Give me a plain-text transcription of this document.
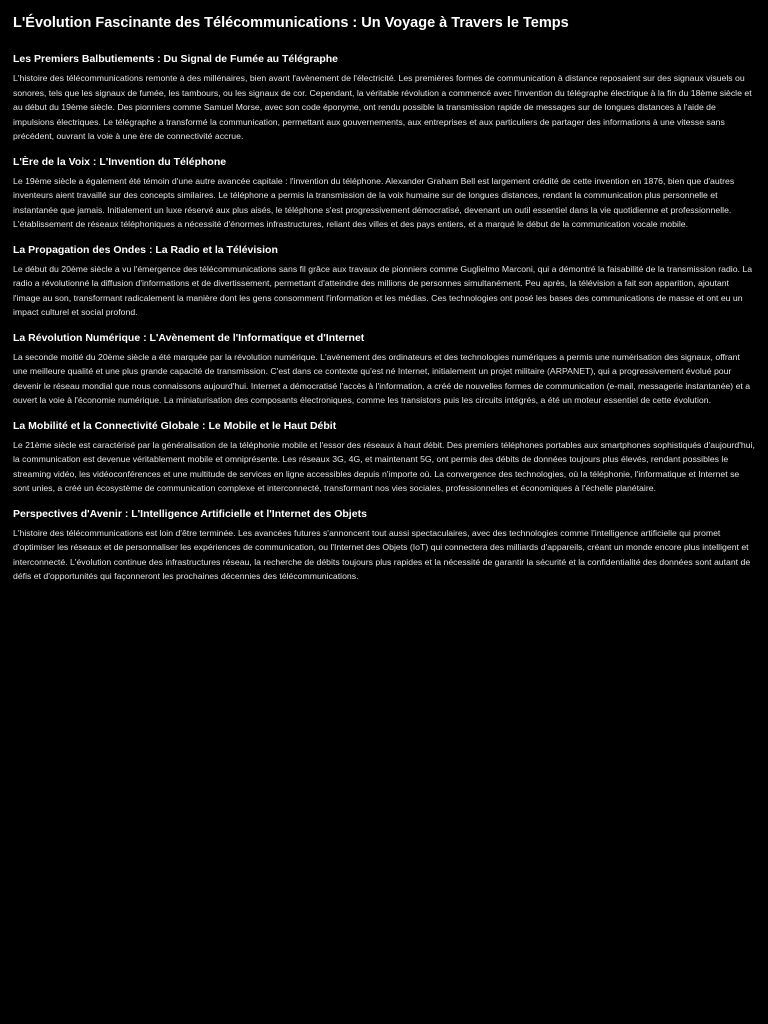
L'Évolution Fascinante des Télécommunications : Un Voyage à Travers le Temps
Les Premiers Balbutiements : Du Signal de Fumée au Télégraphe

L'histoire des télécommunications remonte à des millénaires, bien avant l'avènement de l'électricité. Les premières formes de communication à distance reposaient sur des signaux visuels ou sonores, tels que les signaux de fumée, les tambours, ou les signaux de cor. Cependant, la véritable révolution a commencé avec l'invention du télégraphe électrique à la fin du 18ème siècle et au début du 19ème siècle. Des pionniers comme Samuel Morse, avec son code éponyme, ont rendu possible la transmission rapide de messages sur de longues distances à l'aide de impulsions électriques. Le télégraphe a transformé la communication, permettant aux gouvernements, aux entreprises et aux particuliers de partager des informations à une vitesse sans précédent, ouvrant la voie à une ère de connectivité accrue.

L'Ère de la Voix : L'Invention du Téléphone

Le 19ème siècle a également été témoin d'une autre avancée capitale : l'invention du téléphone. Alexander Graham Bell est largement crédité de cette invention en 1876, bien que d'autres inventeurs aient travaillé sur des concepts similaires. Le téléphone a permis la transmission de la voix humaine sur de longues distances, rendant la communication plus personnelle et instantanée que jamais. Initialement un luxe réservé aux plus aisés, le téléphone s'est progressivement démocratisé, devenant un outil essentiel dans la vie quotidienne et professionnelle. L'établissement de réseaux téléphoniques a nécessité d'énormes infrastructures, reliant des villes et des pays entiers, et a marqué le début de la communication vocale mobile.

La Propagation des Ondes : La Radio et la Télévision

Le début du 20ème siècle a vu l'émergence des télécommunications sans fil grâce aux travaux de pionniers comme Guglielmo Marconi, qui a démontré la faisabilité de la transmission radio. La radio a révolutionné la diffusion d'informations et de divertissement, permettant d'atteindre des millions de personnes simultanément. Peu après, la télévision a fait son apparition, ajoutant l'image au son, transformant radicalement la manière dont les gens consomment l'information et les médias. Ces technologies ont posé les bases des communications de masse et ont eu un impact culturel et social profond.

La Révolution Numérique : L'Avènement de l'Informatique et d'Internet

La seconde moitié du 20ème siècle a été marquée par la révolution numérique. L'avènement des ordinateurs et des technologies numériques a permis une numérisation des signaux, offrant une meilleure qualité et une plus grande capacité de transmission. C'est dans ce contexte qu'est né Internet, initialement un projet militaire (ARPANET), qui a progressivement évolué pour devenir le réseau mondial que nous connaissons aujourd'hui. Internet a démocratisé l'accès à l'information, a créé de nouvelles formes de communication (e-mail, messagerie instantanée) et a ouvert la voie à l'économie numérique. La miniaturisation des composants électroniques, comme les transistors puis les circuits intégrés, a été un moteur essentiel de cette évolution.

La Mobilité et la Connectivité Globale : Le Mobile et le Haut Débit

Le 21ème siècle est caractérisé par la généralisation de la téléphonie mobile et l'essor des réseaux à haut débit. Des premiers téléphones portables aux smartphones sophistiqués d'aujourd'hui, la communication est devenue véritablement mobile et omniprésente. Les réseaux 3G, 4G, et maintenant 5G, ont permis des débits de données toujours plus élevés, rendant possibles le streaming vidéo, les vidéoconférences et une multitude de services en ligne accessibles depuis n'importe où. La convergence des technologies, où la téléphonie, l'informatique et Internet se sont unies, a créé un écosystème de communication complexe et interconnecté, transformant nos vies sociales, professionnelles et économiques à l'échelle planétaire.

Perspectives d'Avenir : L'Intelligence Artificielle et l'Internet des Objets

L'histoire des télécommunications est loin d'être terminée. Les avancées futures s'annoncent tout aussi spectaculaires, avec des technologies comme l'intelligence artificielle qui promet d'optimiser les réseaux et de personnaliser les expériences de communication, ou l'Internet des Objets (IoT) qui connectera des milliards d'appareils, créant un monde encore plus intelligent et interconnecté. L'évolution continue des infrastructures réseau, la recherche de débits toujours plus rapides et la nécessité de garantir la sécurité et la confidentialité des données sont autant de défis et d'opportunités qui façonneront les prochaines décennies des télécommunications.
